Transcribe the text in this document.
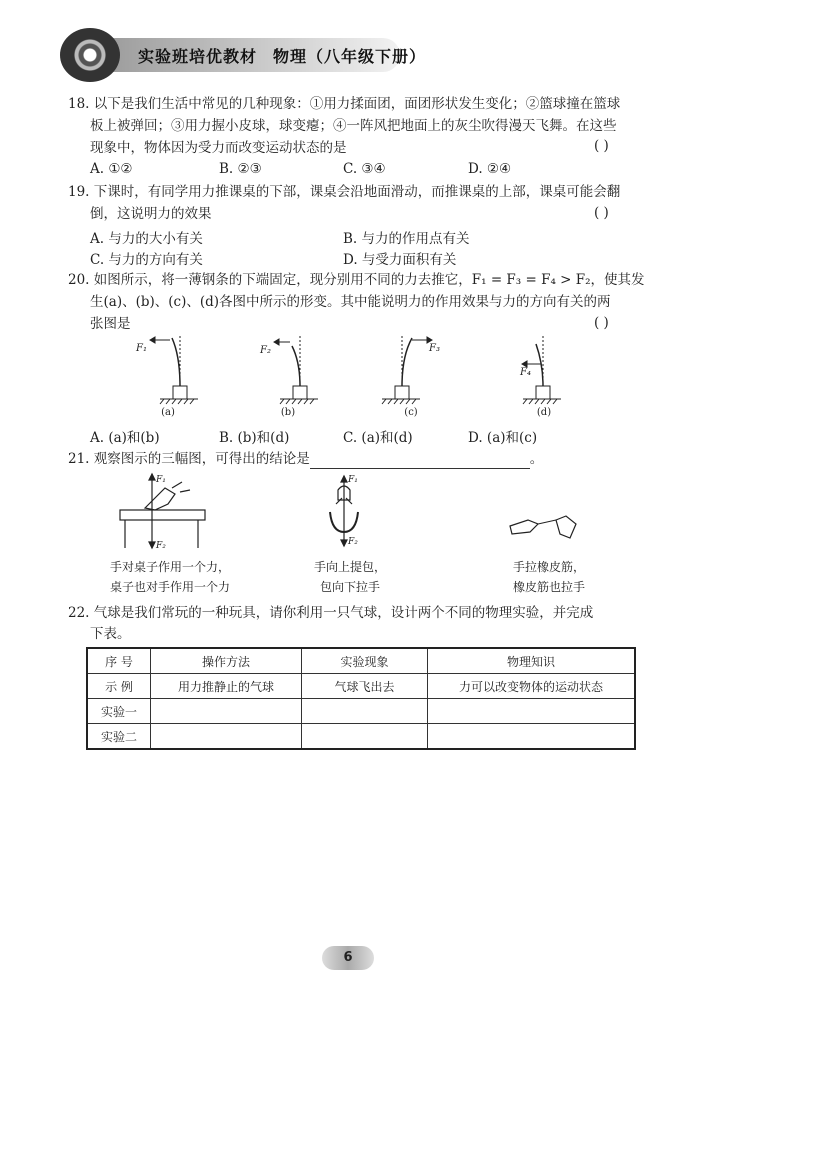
实验班培优教材 物理（八年级下册）
18. 以下是我们生活中常见的几种现象：①用力揉面团，面团形状发生变化；②篮球撞在篮球
板上被弹回；③用力握小皮球，球变瘪；④一阵风把地面上的灰尘吹得漫天飞舞。在这些
现象中，物体因为受力而改变运动状态的是	( )
A. ①②	B. ②③	C. ③④	D. ②④
19. 下课时，有同学用力推课桌的下部，课桌会沿地面滑动，而推课桌的上部，课桌可能会翻
倒，这说明力的效果	( )
A. 与力的大小有关	B. 与力的作用点有关
C. 与力的方向有关	D. 与受力面积有关
20. 如图所示，将一薄钢条的下端固定，现分别用不同的力去推它，F₁ = F₃ = F₄ > F₂，使其发
生(a)、(b)、(c)、(d)各图中所示的形变。其中能说明力的作用效果与力的方向有关的两
张图是	( )
F₁	F₂	F₃
F₄
(a)	(b)	(c)	(d)
A. (a)和(b)	B. (b)和(d)	C. (a)和(d)	D. (a)和(c)
21. 观察图示的三幅图，可得出的结论是	。
F₁
F₂
F₁
F₂
手对桌子作用一个力，
桌子也对手作用一个力
手向上提包，
包向下拉手
手拉橡皮筋，
橡皮筋也拉手
22. 气球是我们常玩的一种玩具，请你利用一只气球，设计两个不同的物理实验，并完成
下表。
序 号	操作方法	实验现象	物理知识
示 例	用力推静止的气球	气球飞出去	力可以改变物体的运动状态
实验一			
实验二			
6
